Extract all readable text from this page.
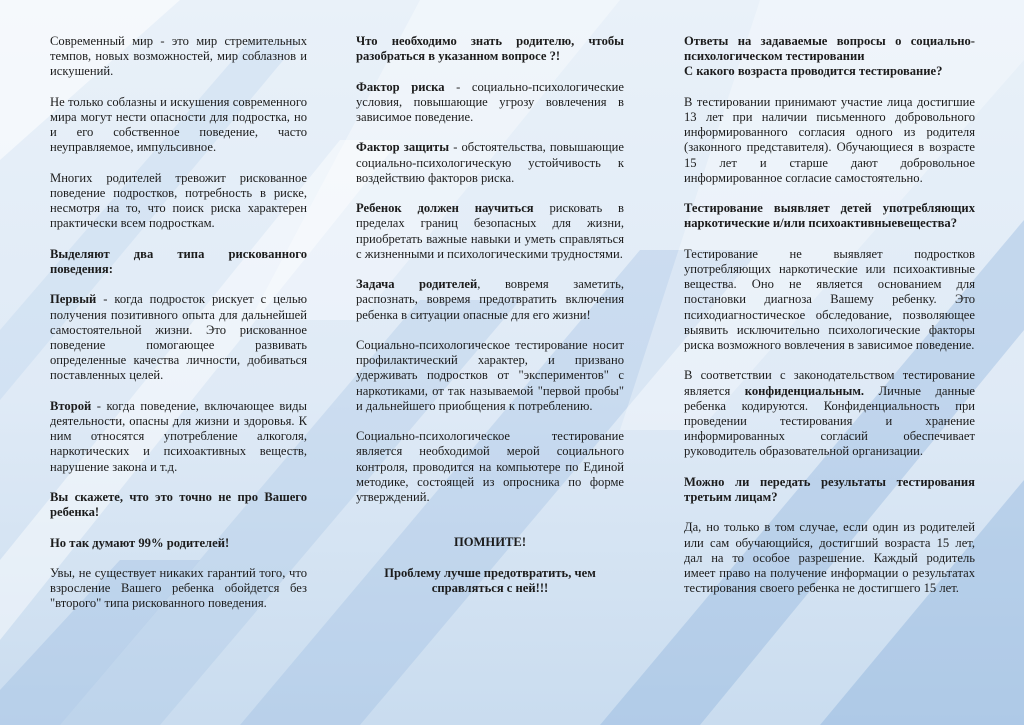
Современный мир - это мир стремительных темпов, новых возможностей, мир соблазнов и искушений.

Не только соблазны и искушения современного мира могут нести опасности для подростка, но и его собственное поведение, часто неуправляемое, импульсивное.

Многих родителей тревожит рискованное поведение подростков, потребность в риске, несмотря на то, что поиск риска характерен практически всем подросткам.

Выделяют два типа рискованного поведения:

Первый - когда подросток рискует с целью получения позитивного опыта для дальнейшей самостоятельной жизни. Это рискованное поведение помогающее развивать определенные качества личности, добиваться поставленных целей.

Второй - когда поведение, включающее виды деятельности, опасны для жизни и здоровья. К ним относятся употребление алкоголя, наркотических и психоактивных веществ, нарушение закона и т.д.

Вы скажете, что это точно не про Вашего ребенка!

Но так думают 99% родителей!

Увы, не существует никаких гарантий того, что взросление Вашего ребенка обойдется без "второго" типа рискованного поведения.

Что необходимо знать родителю, чтобы разобраться в указанном вопросе ?!

Фактор риска - социально-психологические условия, повышающие угрозу вовлечения в зависимое поведение.

Фактор защиты - обстоятельства, повышающие социально-психологическую устойчивость к воздействию факторов риска.

Ребенок должен научиться рисковать в пределах границ безопасных для жизни, приобретать важные навыки и уметь справляться с жизненными и психологическими трудностями.

Задача родителей, вовремя заметить, распознать, вовремя предотвратить включения ребенка в ситуации опасные для его жизни!

Социально-психологическое тестирование носит профилактический характер, и призвано удерживать подростков от "экспериментов" с наркотиками, от так называемой "первой пробы" и дальнейшего приобщения к потреблению.

Социально-психологическое тестирование является необходимой мерой социального контроля, проводится на компьютере по Единой методике, состоящей из опросника по форме утверждений.

ПОМНИТЕ!

Проблему лучше предотвратить, чем справляться с ней!!!

Ответы на задаваемые вопросы о социально-психологическом тестировании

С какого возраста проводится тестирование?

В тестировании принимают участие лица достигшие 13 лет при наличии письменного добровольного информированного согласия одного из родителя (законного представителя). Обучающиеся в возрасте 15 лет и старше дают добровольное информированное согласие самостоятельно.

Тестирование выявляет детей употребляющих наркотические и/или психоактивныевещества?

Тестирование не выявляет подростков употребляющих наркотические или психоактивные вещества. Оно не является основанием для постановки диагноза Вашему ребенку. Это психодиагностическое обследование, позволяющее выявить исключительно психологические факторы риска возможного вовлечения в зависимое поведение.

В соответствии с законодательством тестирование является конфиденциальным. Личные данные ребенка кодируются. Конфиденциальность при проведении тестирования и хранение информированных согласий обеспечивает руководитель образовательной организации.

Можно ли передать результаты тестирования третьим лицам?

Да, но только в том случае, если один из родителей или сам обучающийся, достигший возраста 15 лет, дал на то особое разрешение. Каждый родитель имеет право на получение информации о результатах тестирования своего ребенка не достигшего 15 лет.
